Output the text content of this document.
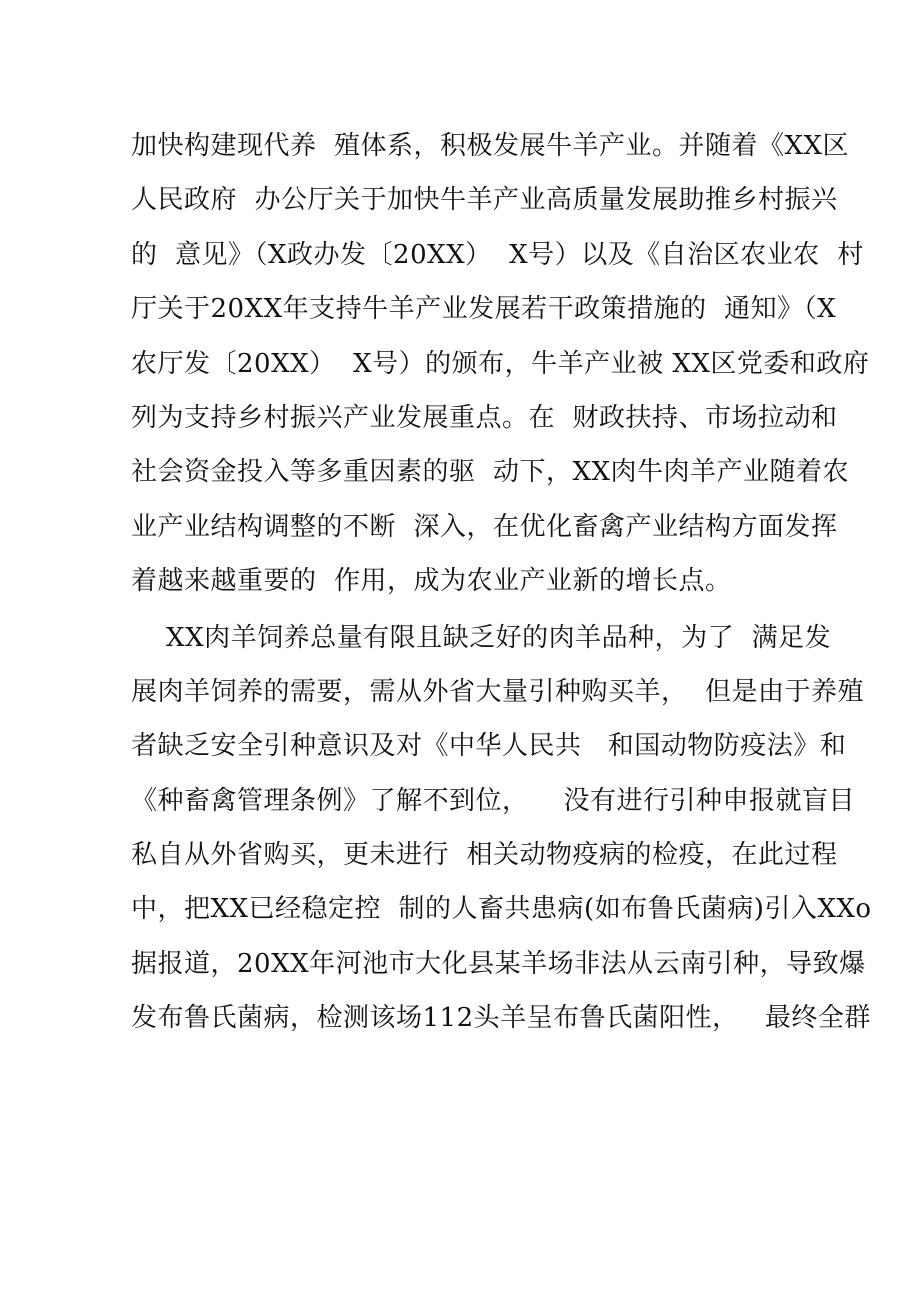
加快构建现代养  殖体系，积极发展牛羊产业。并随着《XX区
人民政府  办公厅关于加快牛羊产业高质量发展助推乡村振兴
的  意见》（X政办发〔20XX）  X号）以及《自治区农业农  村
厅关于20XX年支持牛羊产业发展若干政策措施的  通知》（X
农厅发〔20XX）  X号）的颁布，牛羊产业被 XX区党委和政府
列为支持乡村振兴产业发展重点。在  财政扶持、市场拉动和
社会资金投入等多重因素的驱  动下，XX肉牛肉羊产业随着农
业产业结构调整的不断  深入，在优化畜禽产业结构方面发挥
着越来越重要的  作用，成为农业产业新的增长点。
XX肉羊饲养总量有限且缺乏好的肉羊品种，为了  满足发
展肉羊饲养的需要，需从外省大量引种购买羊，  但是由于养殖
者缺乏安全引种意识及对《中华人民共   和国动物防疫法》和
《种畜禽管理条例》了解不到位，    没有进行引种申报就盲目
私自从外省购买，更未进行  相关动物疫病的检疫，在此过程
中，把XX已经稳定控  制的人畜共患病(如布鲁氏菌病)引入XXo
据报道，20XX年河池市大化县某羊场非法从云南引种，导致爆
发布鲁氏菌病，检测该场112头羊呈布鲁氏菌阳性，   最终全群
